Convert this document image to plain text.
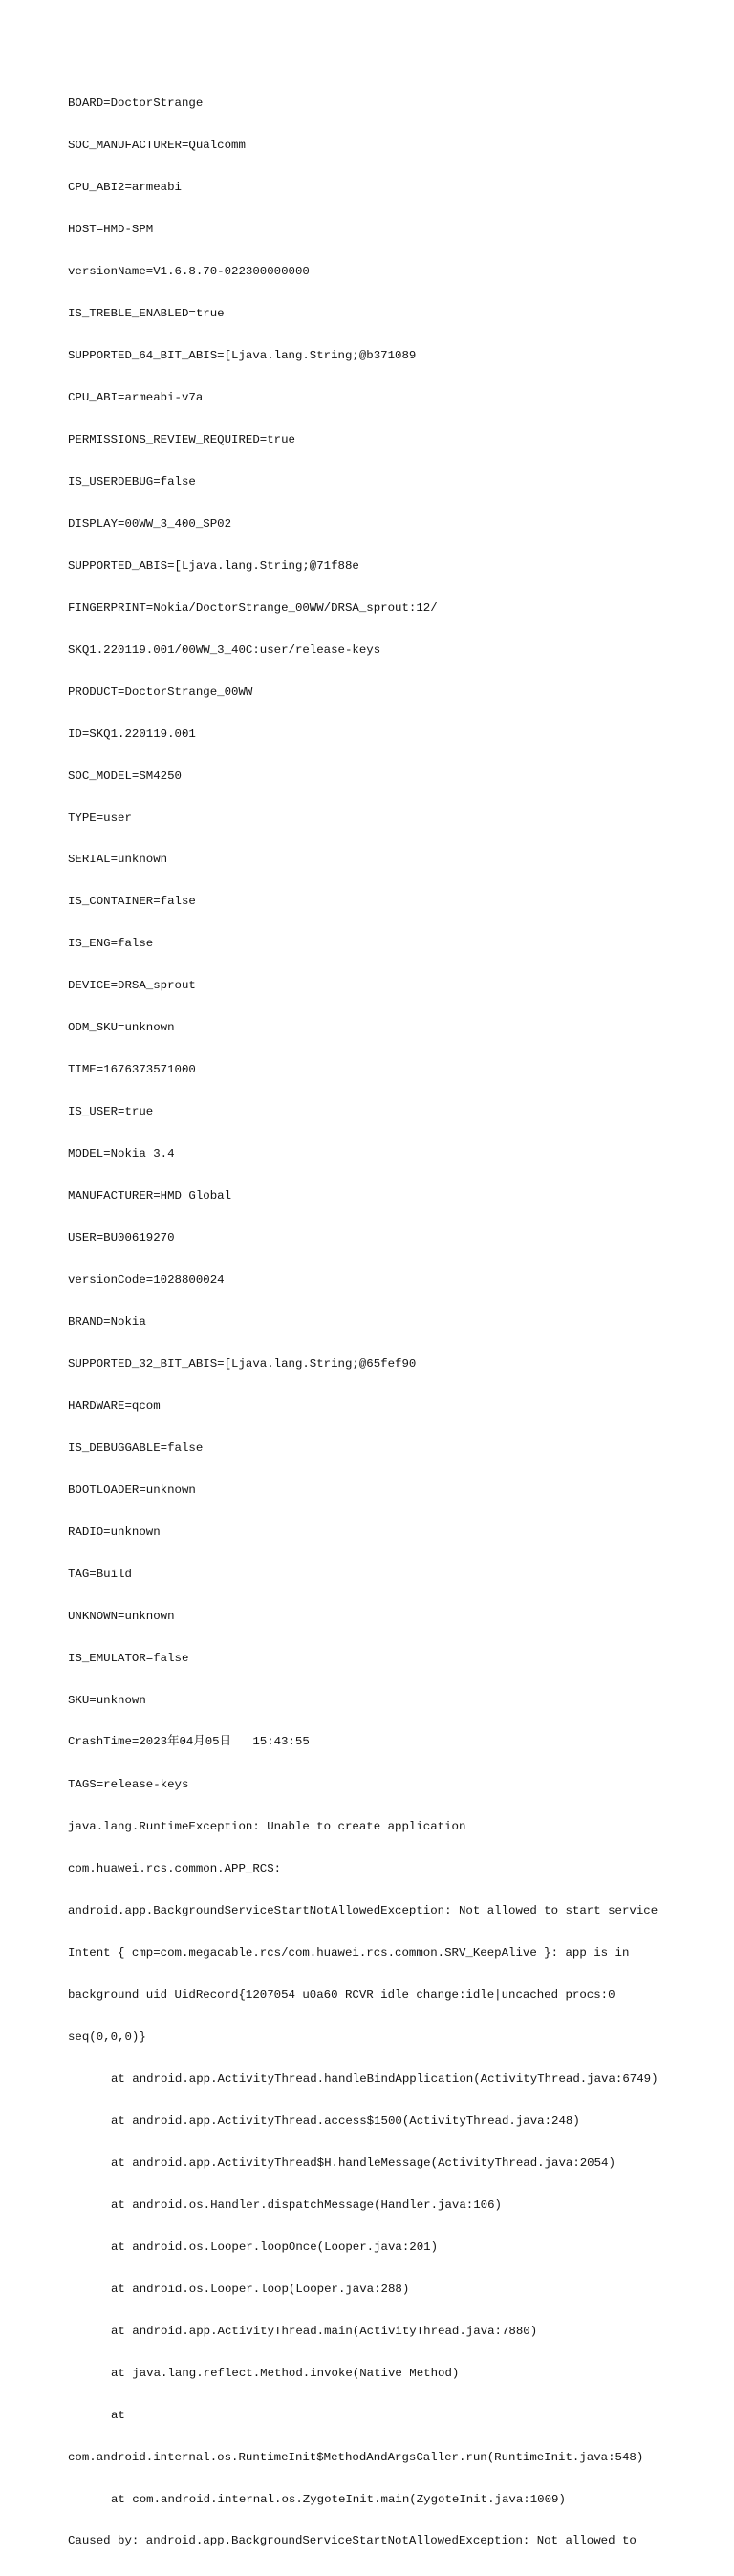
BOARD=DoctorStrange

SOC_MANUFACTURER=Qualcomm

CPU_ABI2=armeabi

HOST=HMD-SPM

versionName=V1.6.8.70-022300000000

IS_TREBLE_ENABLED=true

SUPPORTED_64_BIT_ABIS=[Ljava.lang.String;@b371089

CPU_ABI=armeabi-v7a

PERMISSIONS_REVIEW_REQUIRED=true

IS_USERDEBUG=false

DISPLAY=00WW_3_400_SP02

SUPPORTED_ABIS=[Ljava.lang.String;@71f88e

FINGERPRINT=Nokia/DoctorStrange_00WW/DRSA_sprout:12/

SKQ1.220119.001/00WW_3_40C:user/release-keys

PRODUCT=DoctorStrange_00WW

ID=SKQ1.220119.001

SOC_MODEL=SM4250

TYPE=user

SERIAL=unknown

IS_CONTAINER=false

IS_ENG=false

DEVICE=DRSA_sprout

ODM_SKU=unknown

TIME=1676373571000

IS_USER=true

MODEL=Nokia 3.4

MANUFACTURER=HMD Global

USER=BU00619270

versionCode=1028800024

BRAND=Nokia

SUPPORTED_32_BIT_ABIS=[Ljava.lang.String;@65fef90

HARDWARE=qcom

IS_DEBUGGABLE=false

BOOTLOADER=unknown

RADIO=unknown

TAG=Build

UNKNOWN=unknown

IS_EMULATOR=false

SKU=unknown

CrashTime=2023年04月05日   15:43:55

TAGS=release-keys

java.lang.RuntimeException: Unable to create application

com.huawei.rcs.common.APP_RCS:

android.app.BackgroundServiceStartNotAllowedException: Not allowed to start service

Intent { cmp=com.megacable.rcs/com.huawei.rcs.common.SRV_KeepAlive }: app is in

background uid UidRecord{1207054 u0a60 RCVR idle change:idle|uncached procs:0

seq(0,0,0)}

at android.app.ActivityThread.handleBindApplication(ActivityThread.java:6749)

at android.app.ActivityThread.access$1500(ActivityThread.java:248)

at android.app.ActivityThread$H.handleMessage(ActivityThread.java:2054)

at android.os.Handler.dispatchMessage(Handler.java:106)

at android.os.Looper.loopOnce(Looper.java:201)

at android.os.Looper.loop(Looper.java:288)

at android.app.ActivityThread.main(ActivityThread.java:7880)

at java.lang.reflect.Method.invoke(Native Method)

at

com.android.internal.os.RuntimeInit$MethodAndArgsCaller.run(RuntimeInit.java:548)

at com.android.internal.os.ZygoteInit.main(ZygoteInit.java:1009)

Caused by: android.app.BackgroundServiceStartNotAllowedException: Not allowed to
